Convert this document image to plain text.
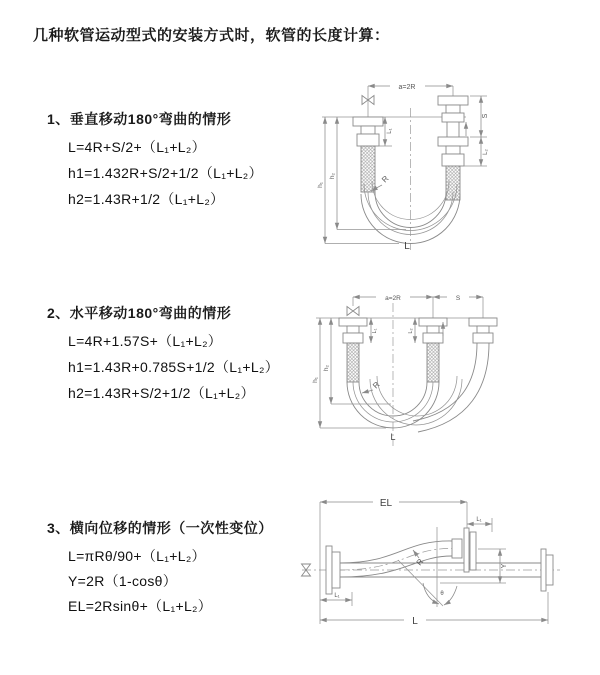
几种软管运动型式的安装方式时，软管的长度计算：
1、垂直移动180°弯曲的情形
L=4R+S/2+（L₁+L₂）
h1=1.432R+S/2+1/2（L₁+L₂）
h2=1.43R+1/2（L₁+L₂）
2、水平移动180°弯曲的情形
L=4R+1.57S+（L₁+L₂）
h1=1.43R+0.785S+1/2（L₁+L₂）
h2=1.43R+S/2+1/2（L₁+L₂）
3、横向位移的情形（一次性变位）
L=πRθ/90+（L₁+L₂）
Y=2R（1-cosθ）
EL=2Rsinθ+（L₁+L₂）
a=2R
h₁
h₂
L₁
S
L₂
R
L
a=2R	S
L₁	L₂
h₁
h₂
R
L
EL
L₁
Y
θ
R
L₁
L
